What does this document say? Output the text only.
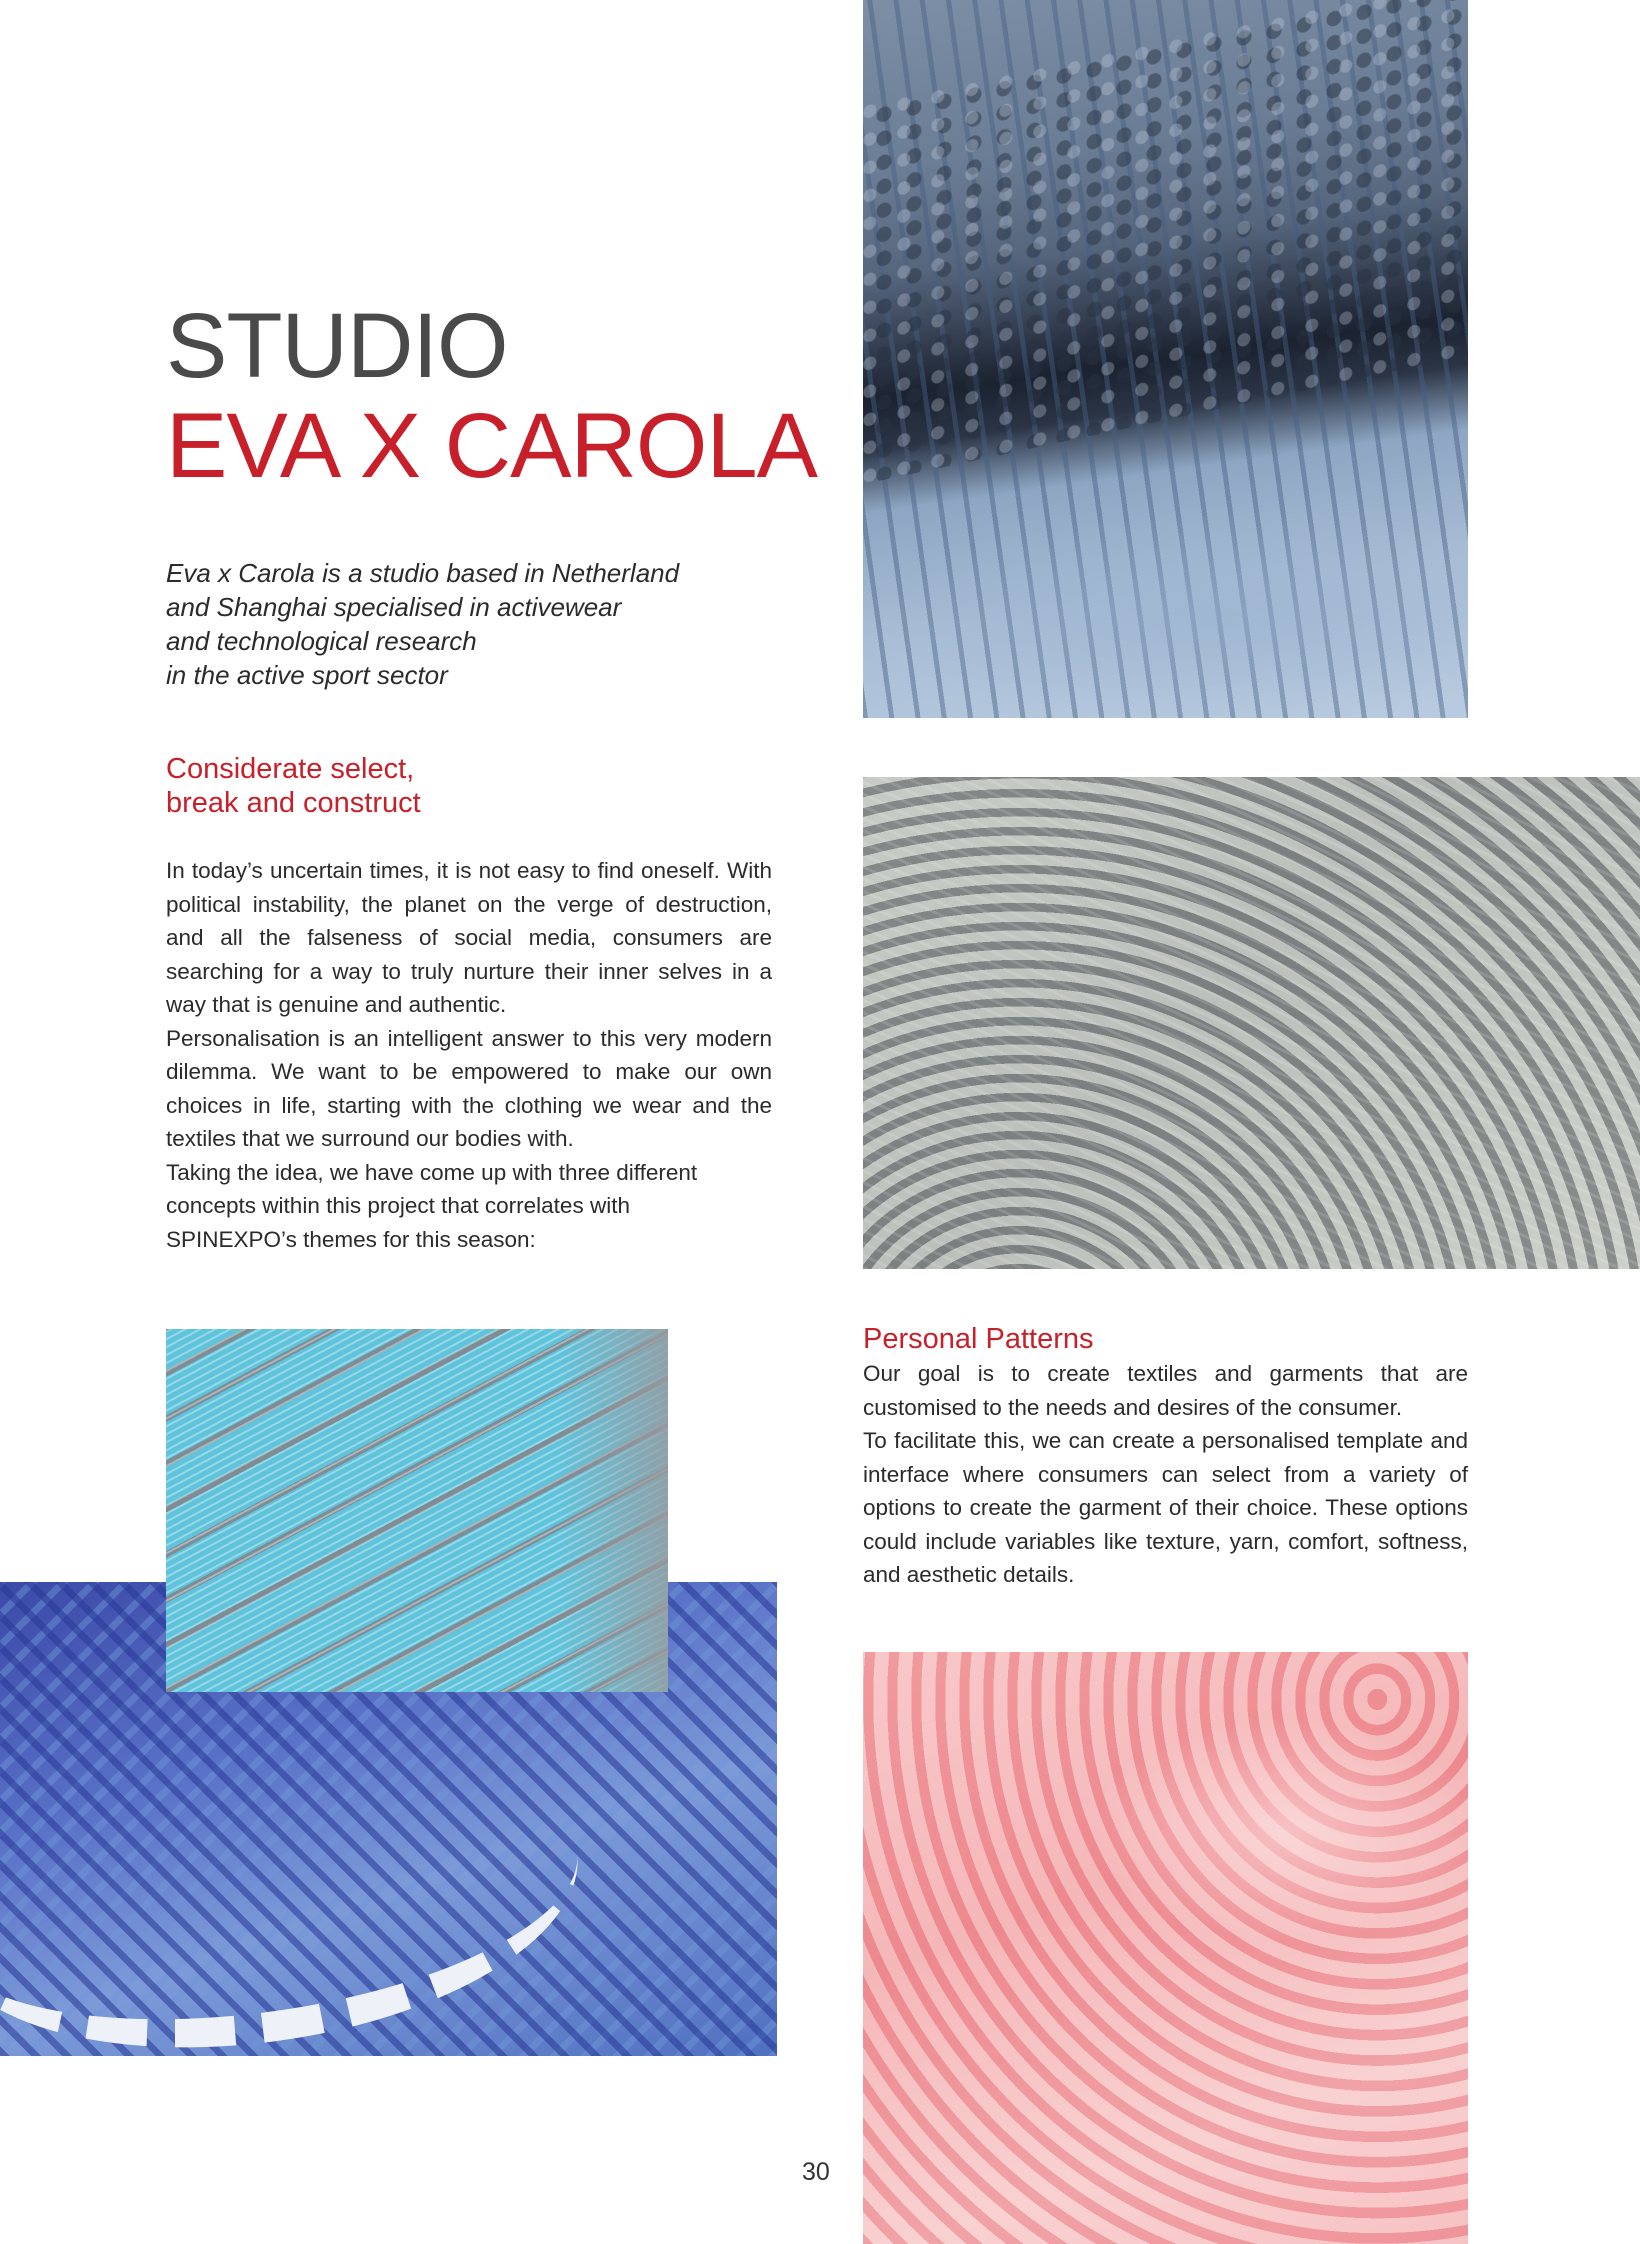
STUDIO
EVA X CAROLA
Eva x Carola is a studio based in Netherland
and Shanghai specialised in activewear
and technological research
in the active sport sector
Considerate select,
break and construct

In today’s uncertain times, it is not easy to find oneself. With political instability, the planet on the verge of destruction, and all the falseness of social media, consumers are searching for a way to truly nurture their inner selves in a way that is genuine and authentic.

Personalisation is an intelligent answer to this very modern dilemma. We want to be empowered to make our own choices in life, starting with the clothing we wear and the textiles that we surround our bodies with.

Taking the idea, we have come up with three different concepts within this project that correlates with SPINEXPO’s themes for this season:

Personal Patterns

Our goal is to create textiles and garments that are customised to the needs and desires of the consumer.

To facilitate this, we can create a personalised template and interface where consumers can select from a variety of options to create the garment of their choice. These options could include variables like texture, yarn, comfort, softness, and aesthetic details.

30
